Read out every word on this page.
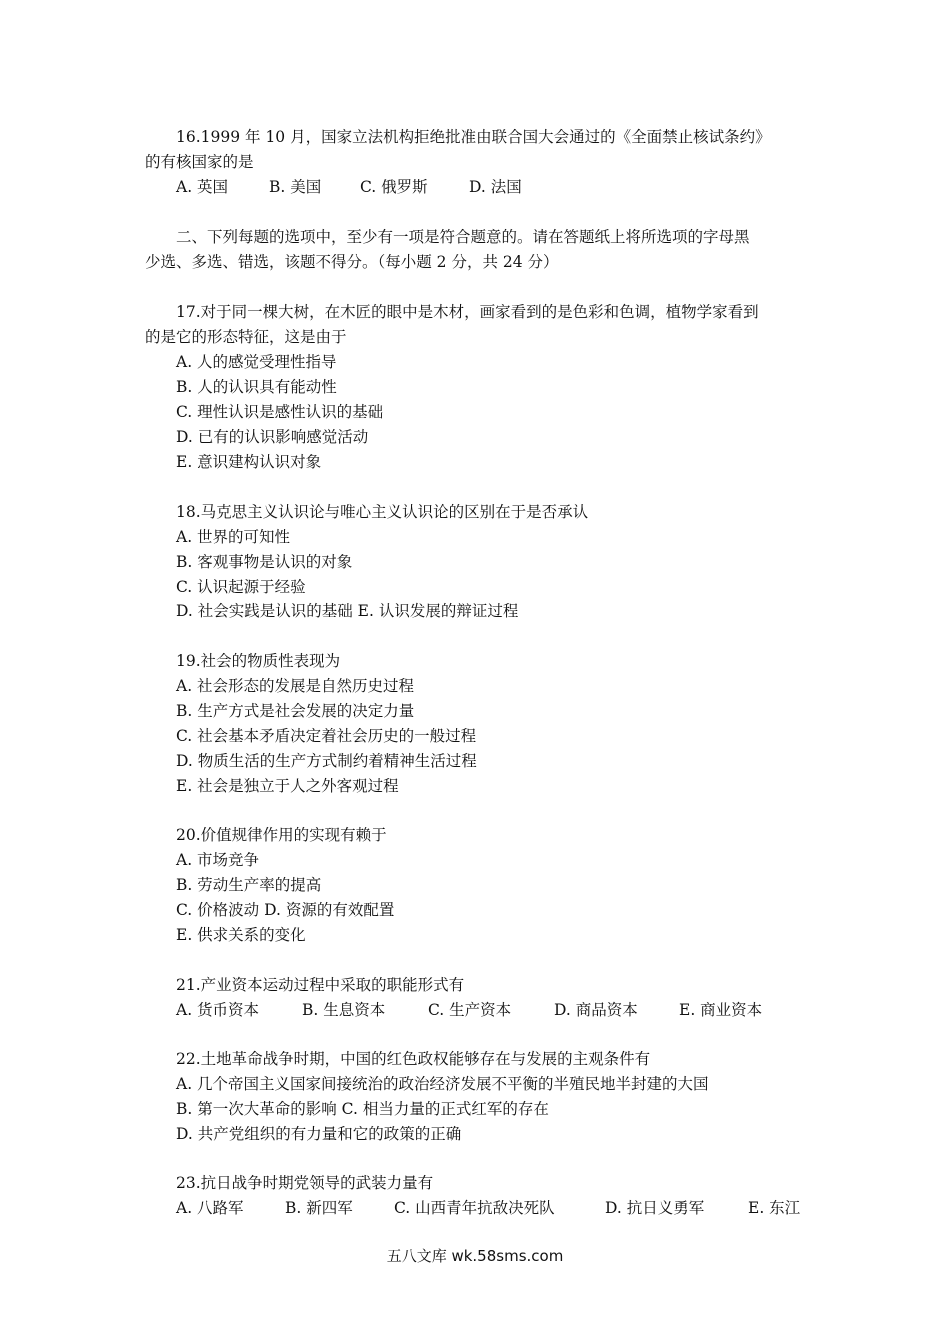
16.1999 年 10 月，国家立法机构拒绝批准由联合国大会通过的《全面禁止核试条约》
的有核国家的是
A. 英国	B. 美国	C. 俄罗斯	D. 法国
二、下列每题的选项中，至少有一项是符合题意的。请在答题纸上将所选项的字母黑
少选、多选、错选，该题不得分。（每小题 2 分，共 24 分）
17.对于同一棵大树，在木匠的眼中是木材，画家看到的是色彩和色调，植物学家看到
的是它的形态特征，这是由于
A. 人的感觉受理性指导
B. 人的认识具有能动性
C. 理性认识是感性认识的基础
D. 已有的认识影响感觉活动
E. 意识建构认识对象
18.马克思主义认识论与唯心主义认识论的区别在于是否承认
A. 世界的可知性
B. 客观事物是认识的对象
C. 认识起源于经验
D. 社会实践是认识的基础 E. 认识发展的辩证过程
19.社会的物质性表现为
A. 社会形态的发展是自然历史过程
B. 生产方式是社会发展的决定力量
C. 社会基本矛盾决定着社会历史的一般过程
D. 物质生活的生产方式制约着精神生活过程
E. 社会是独立于人之外客观过程
20.价值规律作用的实现有赖于
A. 市场竞争
B. 劳动生产率的提高
C. 价格波动 D. 资源的有效配置
E. 供求关系的变化
21.产业资本运动过程中采取的职能形式有
A. 货币资本	B. 生息资本	C. 生产资本	D. 商品资本	E. 商业资本
22.土地革命战争时期，中国的红色政权能够存在与发展的主观条件有
A. 几个帝国主义国家间接统治的政治经济发展不平衡的半殖民地半封建的大国
B. 第一次大革命的影响 C. 相当力量的正式红军的存在
D. 共产党组织的有力量和它的政策的正确
23.抗日战争时期党领导的武装力量有
A. 八路军	B. 新四军	C. 山西青年抗敌决死队	D. 抗日义勇军	E. 东江
五八文库 wk.58sms.com
